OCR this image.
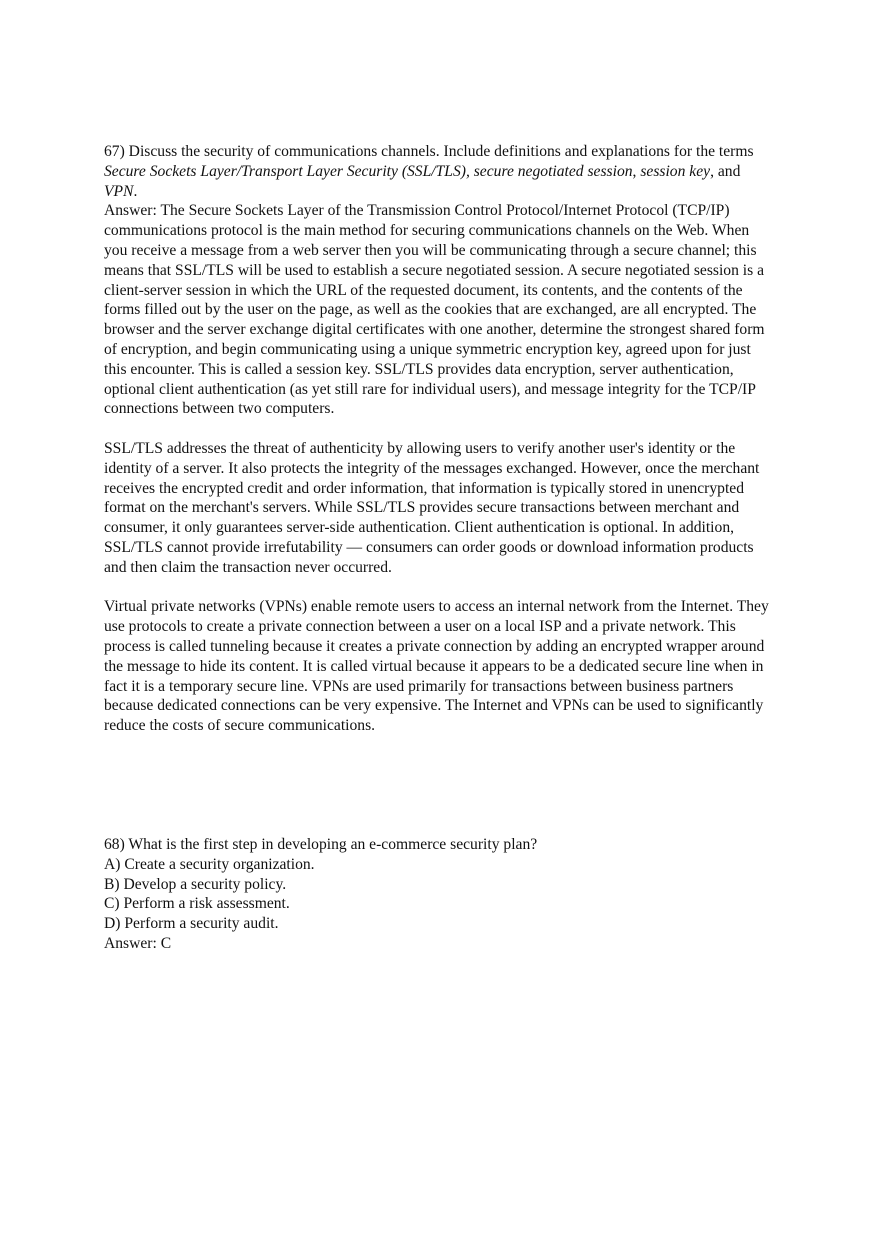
67) Discuss the security of communications channels. Include definitions and explanations for the terms Secure Sockets Layer/Transport Layer Security (SSL/TLS), secure negotiated session, session key, and VPN.

Answer: The Secure Sockets Layer of the Transmission Control Protocol/Internet Protocol (TCP/IP) communications protocol is the main method for securing communications channels on the Web. When you receive a message from a web server then you will be communicating through a secure channel; this means that SSL/TLS will be used to establish a secure negotiated session. A secure negotiated session is a client-server session in which the URL of the requested document, its contents, and the contents of the forms filled out by the user on the page, as well as the cookies that are exchanged, are all encrypted. The browser and the server exchange digital certificates with one another, determine the strongest shared form of encryption, and begin communicating using a unique symmetric encryption key, agreed upon for just this encounter. This is called a session key. SSL/TLS provides data encryption, server authentication, optional client authentication (as yet still rare for individual users), and message integrity for the TCP/IP connections between two computers.

SSL/TLS addresses the threat of authenticity by allowing users to verify another user's identity or the identity of a server. It also protects the integrity of the messages exchanged. However, once the merchant receives the encrypted credit and order information, that information is typically stored in unencrypted format on the merchant's servers. While SSL/TLS provides secure transactions between merchant and consumer, it only guarantees server-side authentication. Client authentication is optional. In addition, SSL/TLS cannot provide irrefutability — consumers can order goods or download information products and then claim the transaction never occurred.

Virtual private networks (VPNs) enable remote users to access an internal network from the Internet. They use protocols to create a private connection between a user on a local ISP and a private network. This process is called tunneling because it creates a private connection by adding an encrypted wrapper around the message to hide its content. It is called virtual because it appears to be a dedicated secure line when in fact it is a temporary secure line. VPNs are used primarily for transactions between business partners because dedicated connections can be very expensive. The Internet and VPNs can be used to significantly reduce the costs of secure communications.

68) What is the first step in developing an e-commerce security plan?

A) Create a security organization.

B) Develop a security policy.

C) Perform a risk assessment.

D) Perform a security audit.

Answer: C
